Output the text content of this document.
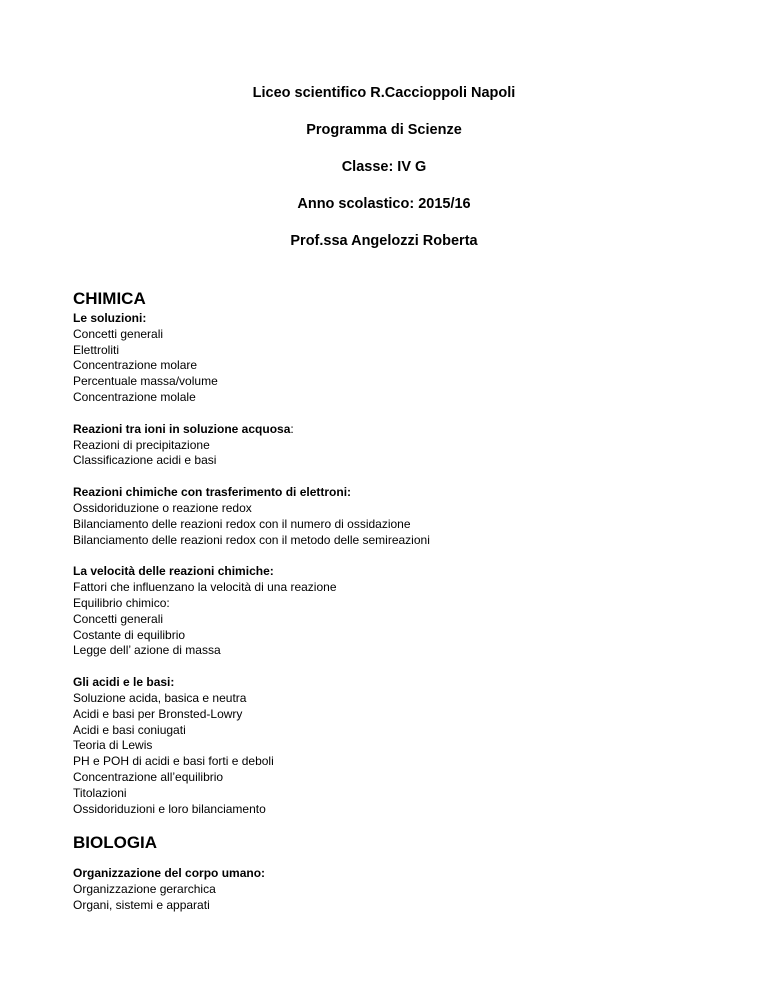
Liceo scientifico R.Caccioppoli Napoli
Programma di Scienze
Classe: IV G
Anno scolastico: 2015/16
Prof.ssa Angelozzi Roberta
CHIMICA
Le soluzioni:
Concetti generali
Elettroliti
Concentrazione molare
Percentuale massa/volume
Concentrazione molale
Reazioni tra ioni in soluzione acquosa:
Reazioni di precipitazione
Classificazione acidi e basi
Reazioni chimiche con trasferimento di elettroni:
Ossidoriduzione o reazione redox
Bilanciamento delle reazioni redox con il numero di ossidazione
Bilanciamento delle reazioni redox con il metodo delle semireazioni
La velocità delle reazioni chimiche:
Fattori che influenzano la velocità di una reazione
Equilibrio chimico:
Concetti generali
Costante di equilibrio
Legge dell’ azione di massa
Gli acidi e le basi:
Soluzione acida, basica e neutra
Acidi e basi per Bronsted-Lowry
Acidi e basi coniugati
Teoria di Lewis
PH e POH di acidi e basi forti e deboli
Concentrazione all’equilibrio
Titolazioni
Ossidoriduzioni e loro bilanciamento
BIOLOGIA
Organizzazione del corpo umano:
Organizzazione gerarchica
Organi, sistemi e apparati
